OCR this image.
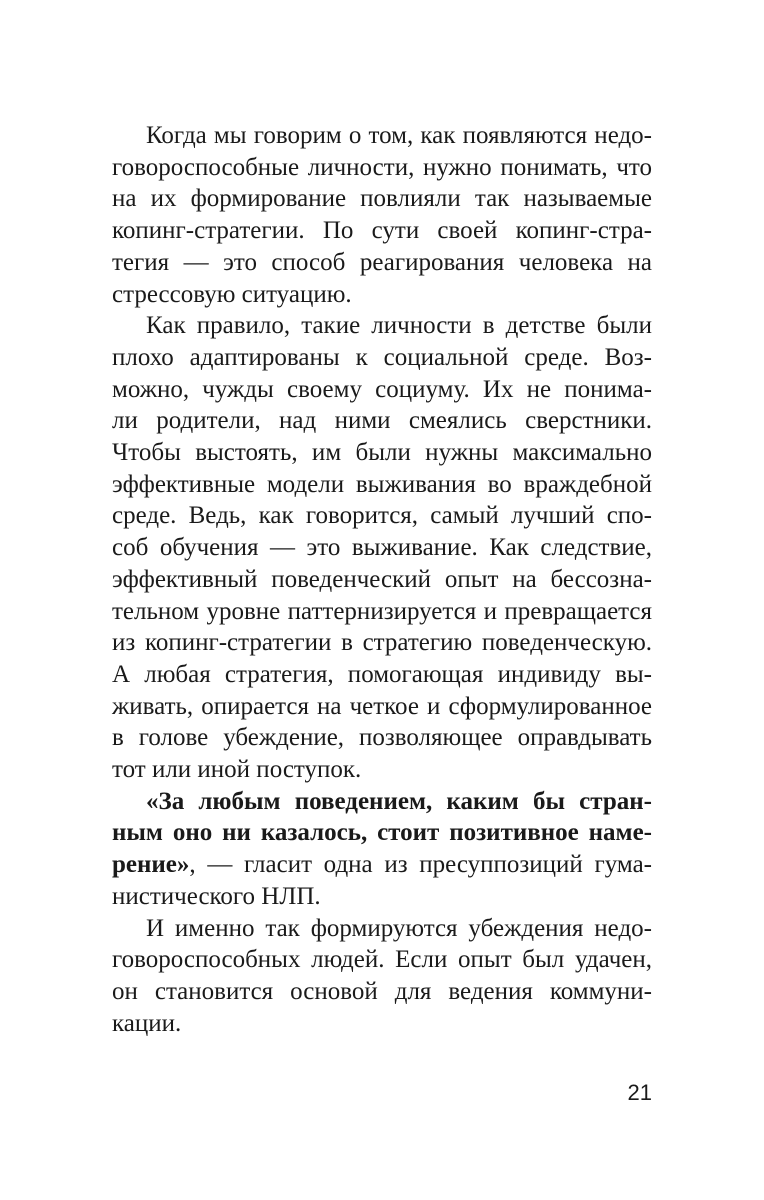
Когда мы говорим о том, как появляются недо-
говороспособные личности, нужно понимать, что
на их формирование повлияли так называемые
копинг-стратегии. По сути своей копинг-стра-
тегия — это способ реагирования человека на
стрессовую ситуацию.
Как правило, такие личности в детстве были
плохо адаптированы к социальной среде. Воз-
можно, чужды своему социуму. Их не понима-
ли родители, над ними смеялись сверстники.
Чтобы выстоять, им были нужны максимально
эффективные модели выживания во враждебной
среде. Ведь, как говорится, самый лучший спо-
соб обучения — это выживание. Как следствие,
эффективный поведенческий опыт на бессозна-
тельном уровне паттернизируется и превращается
из копинг-стратегии в стратегию поведенческую.
А любая стратегия, помогающая индивиду вы-
живать, опирается на четкое и сформулированное
в голове убеждение, позволяющее оправдывать
тот или иной поступок.
«За любым поведением, каким бы стран-
ным оно ни казалось, стоит позитивное наме-
рение», — гласит одна из пресуппозиций гума-
нистического НЛП.
И именно так формируются убеждения недо-
говороспособных людей. Если опыт был удачен,
он становится основой для ведения коммуни-
кации.
21
